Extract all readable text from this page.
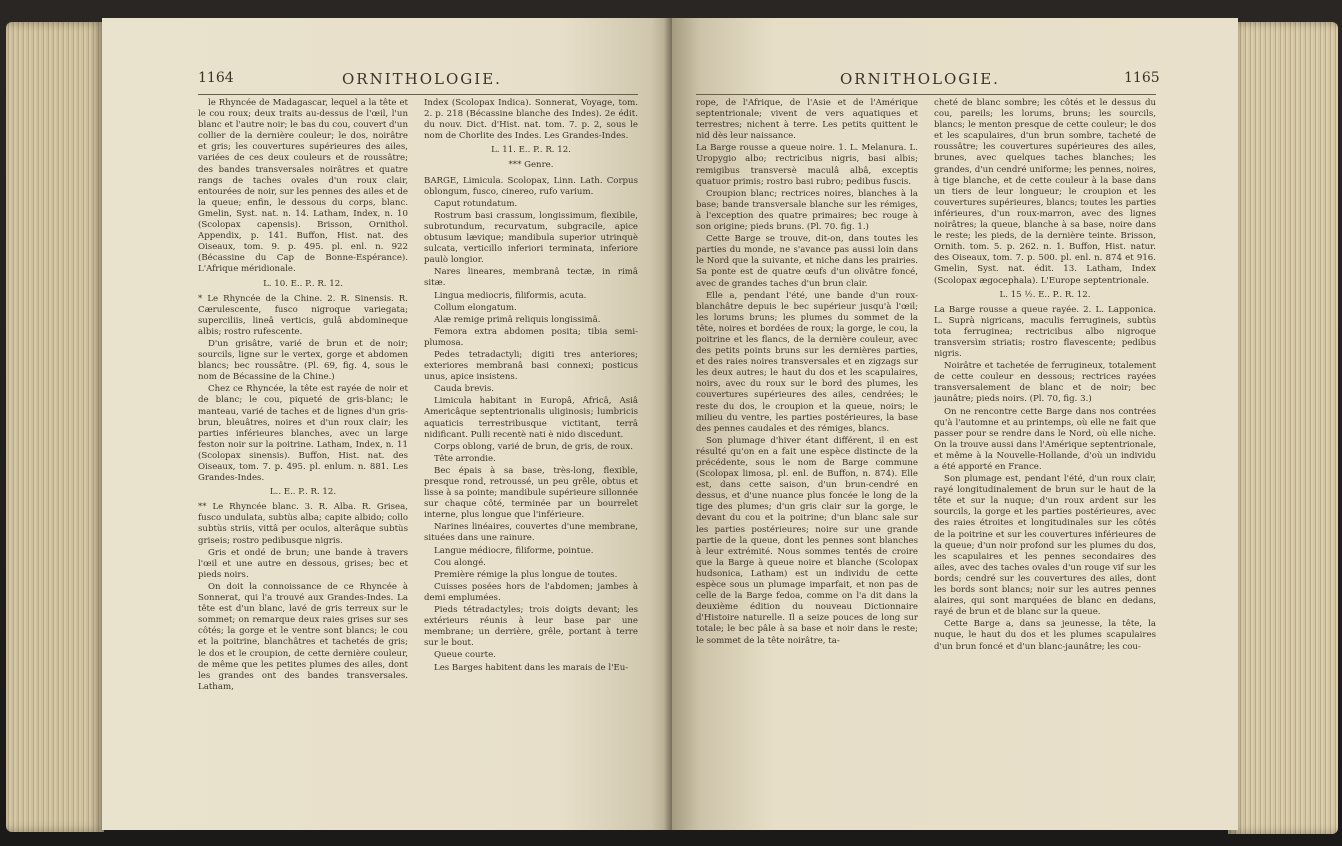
1164	ORNITHOLOGIE.

le Rhyncée de Madagascar, lequel a la tête et le cou roux; deux traits au-dessus de l'œil, l'un blanc et l'autre noir; le bas du cou, couvert d'un collier de la dernière couleur; le dos, noirâtre et gris; les couvertures supérieures des ailes, variées de ces deux couleurs et de roussâtre; des bandes transversales noirâtres et quatre rangs de taches ovales d'un roux clair, entourées de noir, sur les pennes des ailes et de la queue; enfin, le dessous du corps, blanc. Gmelin, Syst. nat. n. 14. Latham, Index, n. 10 (Scolopax capensis). Brisson, Ornithol. Appendix, p. 141. Buffon, Hist. nat. des Oiseaux, tom. 9. p. 495. pl. enl. n. 922 (Bécassine du Cap de Bonne-Espérance). L'Afrique méridionale.

L. 10. E.. P.. R. 12.

* Le Rhyncée de la Chine. 2. R. Sinensis. R. Cærulescente, fusco nigroque variegata; superciliis, lineâ verticis, gulâ abdomineque albis; rostro rufescente.

D'un grisâtre, varié de brun et de noir; sourcils, ligne sur le vertex, gorge et abdomen blancs; bec roussâtre. (Pl. 69, fig. 4, sous le nom de Bécassine de la Chine.)

Chez ce Rhyncée, la tête est rayée de noir et de blanc; le cou, piqueté de gris-blanc; le manteau, varié de taches et de lignes d'un gris-brun, bleuâtres, noires et d'un roux clair; les parties inférieures blanches, avec un large feston noir sur la poitrine. Latham, Index, n. 11 (Scolopax sinensis). Buffon, Hist. nat. des Oiseaux, tom. 7. p. 495. pl. enlum. n. 881. Les Grandes-Indes.

L.. E.. P.. R. 12.

** Le Rhyncée blanc. 3. R. Alba. R. Grisea, fusco undulata, subtùs alba; capite albido; collo subtùs striis, vittâ per oculos, alterâque subtùs griseis; rostro pedibusque nigris.

Gris et ondé de brun; une bande à travers l'œil et une autre en dessous, grises; bec et pieds noirs.

On doit la connoissance de ce Rhyncée à Sonnerat, qui l'a trouvé aux Grandes-Indes. La tête est d'un blanc, lavé de gris terreux sur le sommet; on remarque deux raies grises sur ses côtés; la gorge et le ventre sont blancs; le cou et la poitrine, blanchâtres et tachetés de gris; le dos et le croupion, de cette dernière couleur, de même que les petites plumes des ailes, dont les grandes ont des bandes transversales. Latham,

Index (Scolopax Indica). Sonnerat, Voyage, tom. 2. p. 218 (Bécassine blanche des Indes). 2e édit. du nouv. Dict. d'Hist. nat. tom. 7. p. 2, sous le nom de Chorlite des Indes. Les Grandes-Indes.

L. 11. E.. P.. R. 12.

*** Genre.

BARGE, Limicula. Scolopax, Linn. Lath. Corpus oblongum, fusco, cinereo, rufo varium.

Caput rotundatum.

Rostrum basi crassum, longissimum, flexibile, subrotundum, recurvatum, subgracile, apice obtusum lævique; mandibula superior utrinquè sulcata, verticillo inferiori terminata, inferiore paulò longior.

Nares lineares, membranâ tectæ, in rimâ sitæ.

Lingua mediocris, filiformis, acuta.

Collum elongatum.

Alæ remige primâ reliquis longissimâ.

Femora extra abdomen posita; tibia semi-plumosa.

Pedes tetradactyli; digiti tres anteriores; exteriores membranâ basi connexi; posticus unus, apice insistens.

Cauda brevis.

Limicula habitant in Europâ, Africâ, Asiâ Americâque septentrionalis uliginosis; lumbricis aquaticis terrestribusque victitant, terrâ nidificant. Pulli recentè nati è nido discedunt.

Corps oblong, varié de brun, de gris, de roux.

Tête arrondie.

Bec épais à sa base, très-long, flexible, presque rond, retroussé, un peu grêle, obtus et lisse à sa pointe; mandibule supérieure sillonnée sur chaque côté, terminée par un bourrelet interne, plus longue que l'inférieure.

Narines linéaires, couvertes d'une membrane, situées dans une rainure.

Langue médiocre, filiforme, pointue.

Cou alongé.

Première rémige la plus longue de toutes.

Cuisses posées hors de l'abdomen; jambes à demi emplumées.

Pieds tétradactyles; trois doigts devant; les extérieurs réunis à leur base par une membrane; un derrière, grêle, portant à terre sur le bout.

Queue courte.

Les Barges habitent dans les marais de l'Eu-

ORNITHOLOGIE.	1165

rope, de l'Afrique, de l'Asie et de l'Amérique septentrionale; vivent de vers aquatiques et terrestres; nichent à terre. Les petits quittent le nid dès leur naissance.

La Barge rousse a queue noire. 1. L. Melanura. L. Uropygio albo; rectricibus nigris, basi albis; remigibus transversè maculâ albâ, exceptis quatuor primis; rostro basi rubro; pedibus fuscis.

Croupion blanc; rectrices noires, blanches à la base; bande transversale blanche sur les rémiges, à l'exception des quatre primaires; bec rouge à son origine; pieds bruns. (Pl. 70. fig. 1.)

Cette Barge se trouve, dit-on, dans toutes les parties du monde, ne s'avance pas aussi loin dans le Nord que la suivante, et niche dans les prairies. Sa ponte est de quatre œufs d'un olivâtre foncé, avec de grandes taches d'un brun clair.

Elle a, pendant l'été, une bande d'un roux-blanchâtre depuis le bec supérieur jusqu'à l'œil; les lorums bruns; les plumes du sommet de la tête, noires et bordées de roux; la gorge, le cou, la poitrine et les flancs, de la dernière couleur, avec des petits points bruns sur les dernières parties, et des raies noires transversales et en zigzags sur les deux autres; le haut du dos et les scapulaires, noirs, avec du roux sur le bord des plumes, les couvertures supérieures des ailes, cendrées; le reste du dos, le croupion et la queue, noirs; le milieu du ventre, les parties postérieures, la base des pennes caudales et des rémiges, blancs.

Son plumage d'hiver étant différent, il en est résulté qu'on en a fait une espèce distincte de la précédente, sous le nom de Barge commune (Scolopax limosa, pl. enl. de Buffon, n. 874). Elle est, dans cette saison, d'un brun-cendré en dessus, et d'une nuance plus foncée le long de la tige des plumes; d'un gris clair sur la gorge, le devant du cou et la poitrine; d'un blanc sale sur les parties postérieures; noire sur une grande partie de la queue, dont les pennes sont blanches à leur extrémité. Nous sommes tentés de croire que la Barge à queue noire et blanche (Scolopax hudsonica, Latham) est un individu de cette espèce sous un plumage imparfait, et non pas de celle de la Barge fedoa, comme on l'a dit dans la deuxième édition du nouveau Dictionnaire d'Histoire naturelle. Il a seize pouces de long sur totale; le bec pâle à sa base et noir dans le reste; le sommet de la tête noirâtre, ta-

cheté de blanc sombre; les côtés et le dessus du cou, pareils; les lorums, bruns; les sourcils, blancs; le menton presque de cette couleur; le dos et les scapulaires, d'un brun sombre, tacheté de roussâtre; les couvertures supérieures des ailes, brunes, avec quelques taches blanches; les grandes, d'un cendré uniforme; les pennes, noires, à tige blanche, et de cette couleur à la base dans un tiers de leur longueur; le croupion et les couvertures supérieures, blancs; toutes les parties inférieures, d'un roux-marron, avec des lignes noirâtres; la queue, blanche à sa base, noire dans le reste; les pieds, de la dernière teinte. Brisson, Ornith. tom. 5. p. 262. n. 1. Buffon, Hist. natur. des Oiseaux, tom. 7. p. 500. pl. enl. n. 874 et 916. Gmelin, Syst. nat. édit. 13. Latham, Index (Scolopax ægocephala). L'Europe septentrionale.

L. 15 ½. E.. P.. R. 12.

La Barge rousse a queue rayée. 2. L. Lapponica. L. Suprà nigricans, maculis ferrugineis, subtùs tota ferruginea; rectricibus albo nigroque transversìm striatis; rostro flavescente; pedibus nigris.

Noirâtre et tachetée de ferrugineux, totalement de cette couleur en dessous; rectrices rayées transversalement de blanc et de noir; bec jaunâtre; pieds noirs. (Pl. 70, fig. 3.)

On ne rencontre cette Barge dans nos contrées qu'à l'automne et au printemps, où elle ne fait que passer pour se rendre dans le Nord, où elle niche. On la trouve aussi dans l'Amérique septentrionale, et même à la Nouvelle-Hollande, d'où un individu a été apporté en France.

Son plumage est, pendant l'été, d'un roux clair, rayé longitudinalement de brun sur le haut de la tête et sur la nuque; d'un roux ardent sur les sourcils, la gorge et les parties postérieures, avec des raies étroites et longitudinales sur les côtés de la poitrine et sur les couvertures inférieures de la queue; d'un noir profond sur les plumes du dos, les scapulaires et les pennes secondaires des ailes, avec des taches ovales d'un rouge vif sur les bords; cendré sur les couvertures des ailes, dont les bords sont blancs; noir sur les autres pennes alaires, qui sont marquées de blanc en dedans, rayé de brun et de blanc sur la queue.

Cette Barge a, dans sa jeunesse, la tête, la nuque, le haut du dos et les plumes scapulaires d'un brun foncé et d'un blanc-jaunâtre; les cou-
